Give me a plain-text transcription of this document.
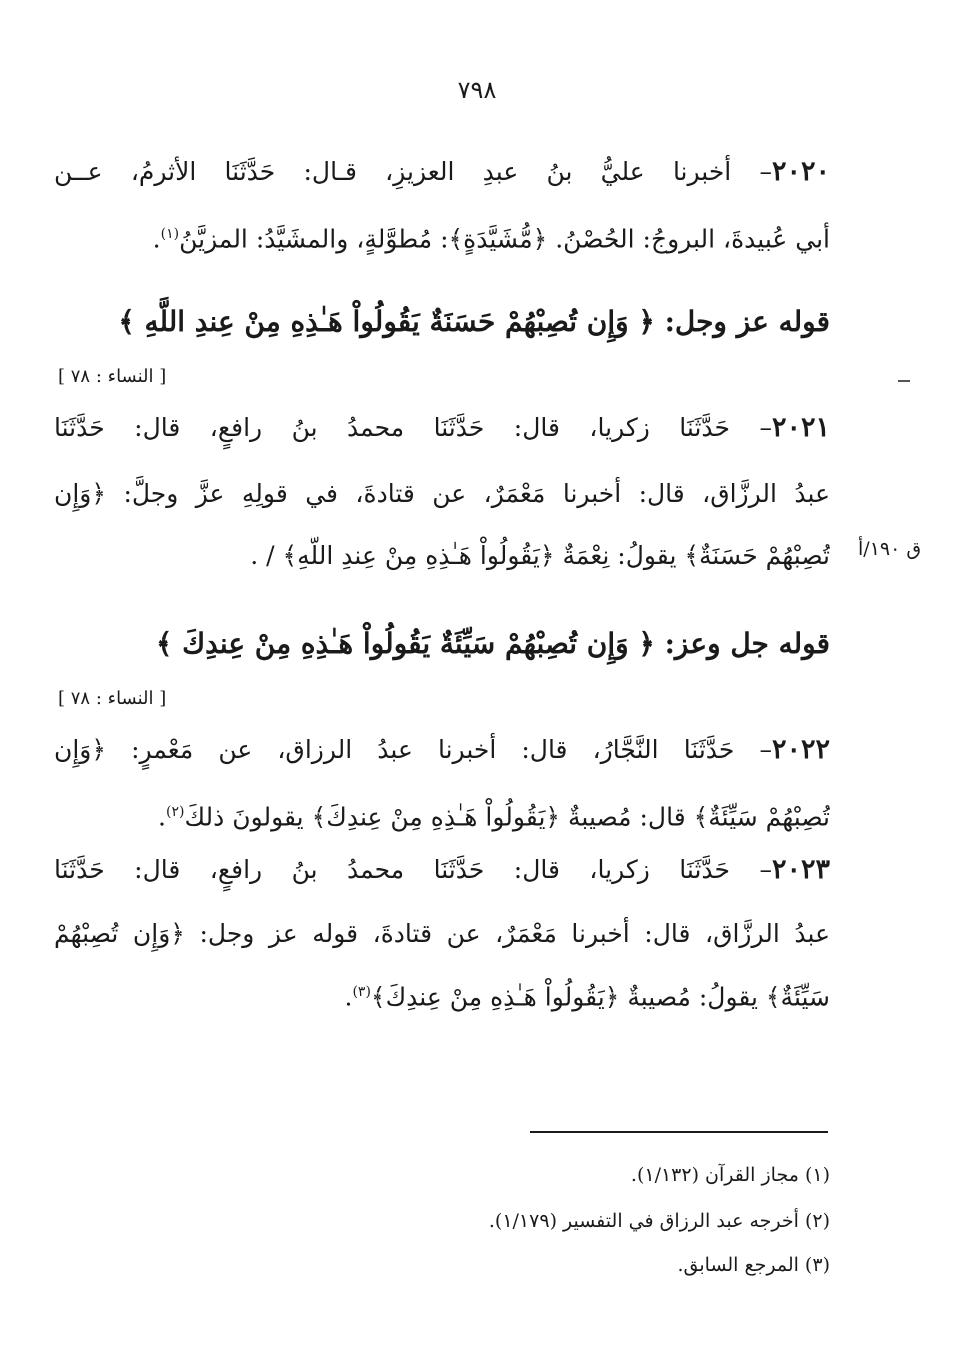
٧٩٨
٢٠٢٠– أخبرنا عليُّ بنُ عبدِ العزيزِ، قـال: حَدَّثَنَا الأثرمُ، عــن
أبي عُبيدةَ، البروجُ: الحُصْنُ. ﴿مُّشَيَّدَةٍ﴾: مُطوَّلةٍ، والمشَيَّدُ: المزيَّنُ$^{(١)}$.
قوله عز وجل: ﴿ وَإِن تُصِبْهُمْ حَسَنَةٌ يَقُولُواْ هَـٰذِهِ مِنْ عِندِ اللَّهِ ﴾
[ النساء : ٧٨ ]
٢٠٢١– حَدَّثَنَا زكريا، قال: حَدَّثَنَا محمدُ بنُ رافعٍ، قال: حَدَّثَنَا
عبدُ الرزَّاق، قال: أخبرنا مَعْمَرٌ، عن قتادةَ، في قولِهِ عزَّ وجلَّ: ﴿وَإِن
تُصِبْهُمْ حَسَنَةٌ﴾ يقولُ: نِعْمَةٌ ﴿يَقُولُواْ هَـٰذِهِ مِنْ عِندِ اللَّهِ﴾ / . ق ١٩٠/أ
قوله جل وعز: ﴿ وَإِن تُصِبْهُمْ سَيِّئَةٌ يَقُولُواْ هَـٰذِهِ مِنْ عِندِكَ ﴾
[ النساء : ٧٨ ]
٢٠٢٢– حَدَّثَنَا النَّجَّارُ، قال: أخبرنا عبدُ الرزاق، عن مَعْمرٍ: ﴿وَإِن
تُصِبْهُمْ سَيِّئَةٌ﴾ قال: مُصيبةٌ ﴿يَقُولُواْ هَـٰذِهِ مِنْ عِندِكَ﴾ يقولونَ ذلكَ$^{(٢)}$.
٢٠٢٣– حَدَّثَنَا زكريا، قال: حَدَّثَنَا محمدُ بنُ رافعٍ، قال: حَدَّثَنَا
عبدُ الرزَّاق، قال: أخبرنا مَعْمَرٌ، عن قتادةَ، قوله عز وجل: ﴿وَإِن تُصِبْهُمْ
سَيِّئَةٌ﴾ يقولُ: مُصيبةٌ ﴿يَقُولُواْ هَـٰذِهِ مِنْ عِندِكَ﴾$^{(٣)}$.
(١) مجاز القرآن (١/١٣٢).
(٢) أخرجه عبد الرزاق في التفسير (١/١٧٩).
(٣) المرجع السابق.
